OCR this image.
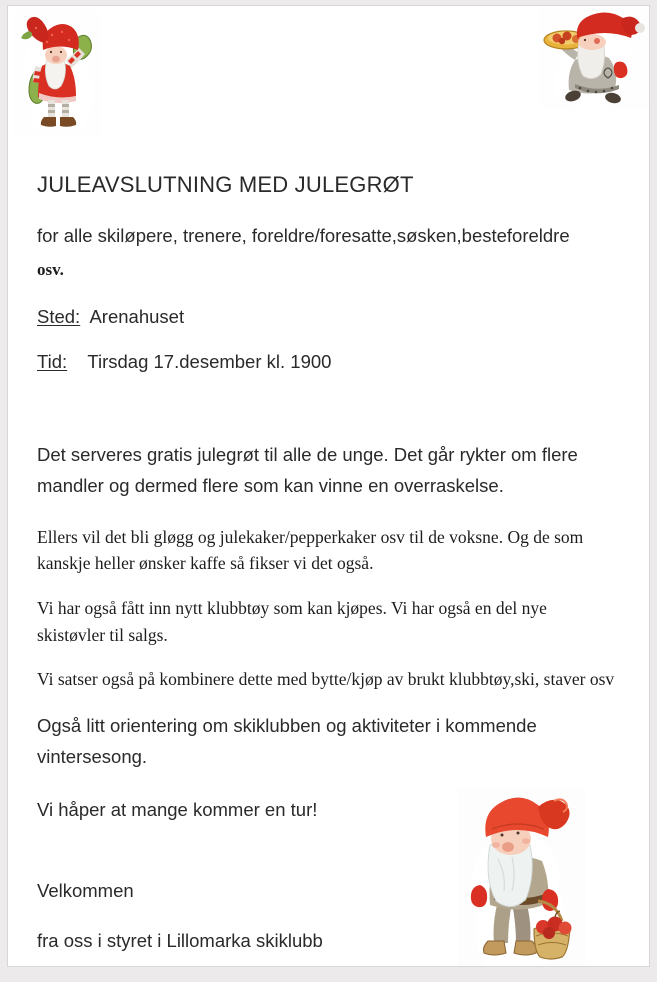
JULEAVSLUTNING MED JULEGRØT

for alle skiløpere, trenere, foreldre/foresatte,søsken,besteforeldre

osv.

Sted:  Arenahuset

Tid:    Tirsdag 17.desember kl. 1900

Det serveres gratis julegrøt til alle de unge. Det går rykter om flere mandler og dermed flere som kan vinne en overraskelse.

Ellers vil det bli gløgg og julekaker/pepperkaker osv til de voksne. Og de som kanskje heller ønsker kaffe så fikser vi det også.

Vi har også fått inn nytt klubbtøy som kan kjøpes. Vi har også en del nye skistøvler til salgs.

Vi satser også på kombinere dette med bytte/kjøp av brukt klubbtøy,ski, staver osv

Også litt orientering om skiklubben og aktiviteter i kommende vintersesong.

Vi håper at mange kommer en tur!

Velkommen

fra oss i styret i Lillomarka skiklubb
